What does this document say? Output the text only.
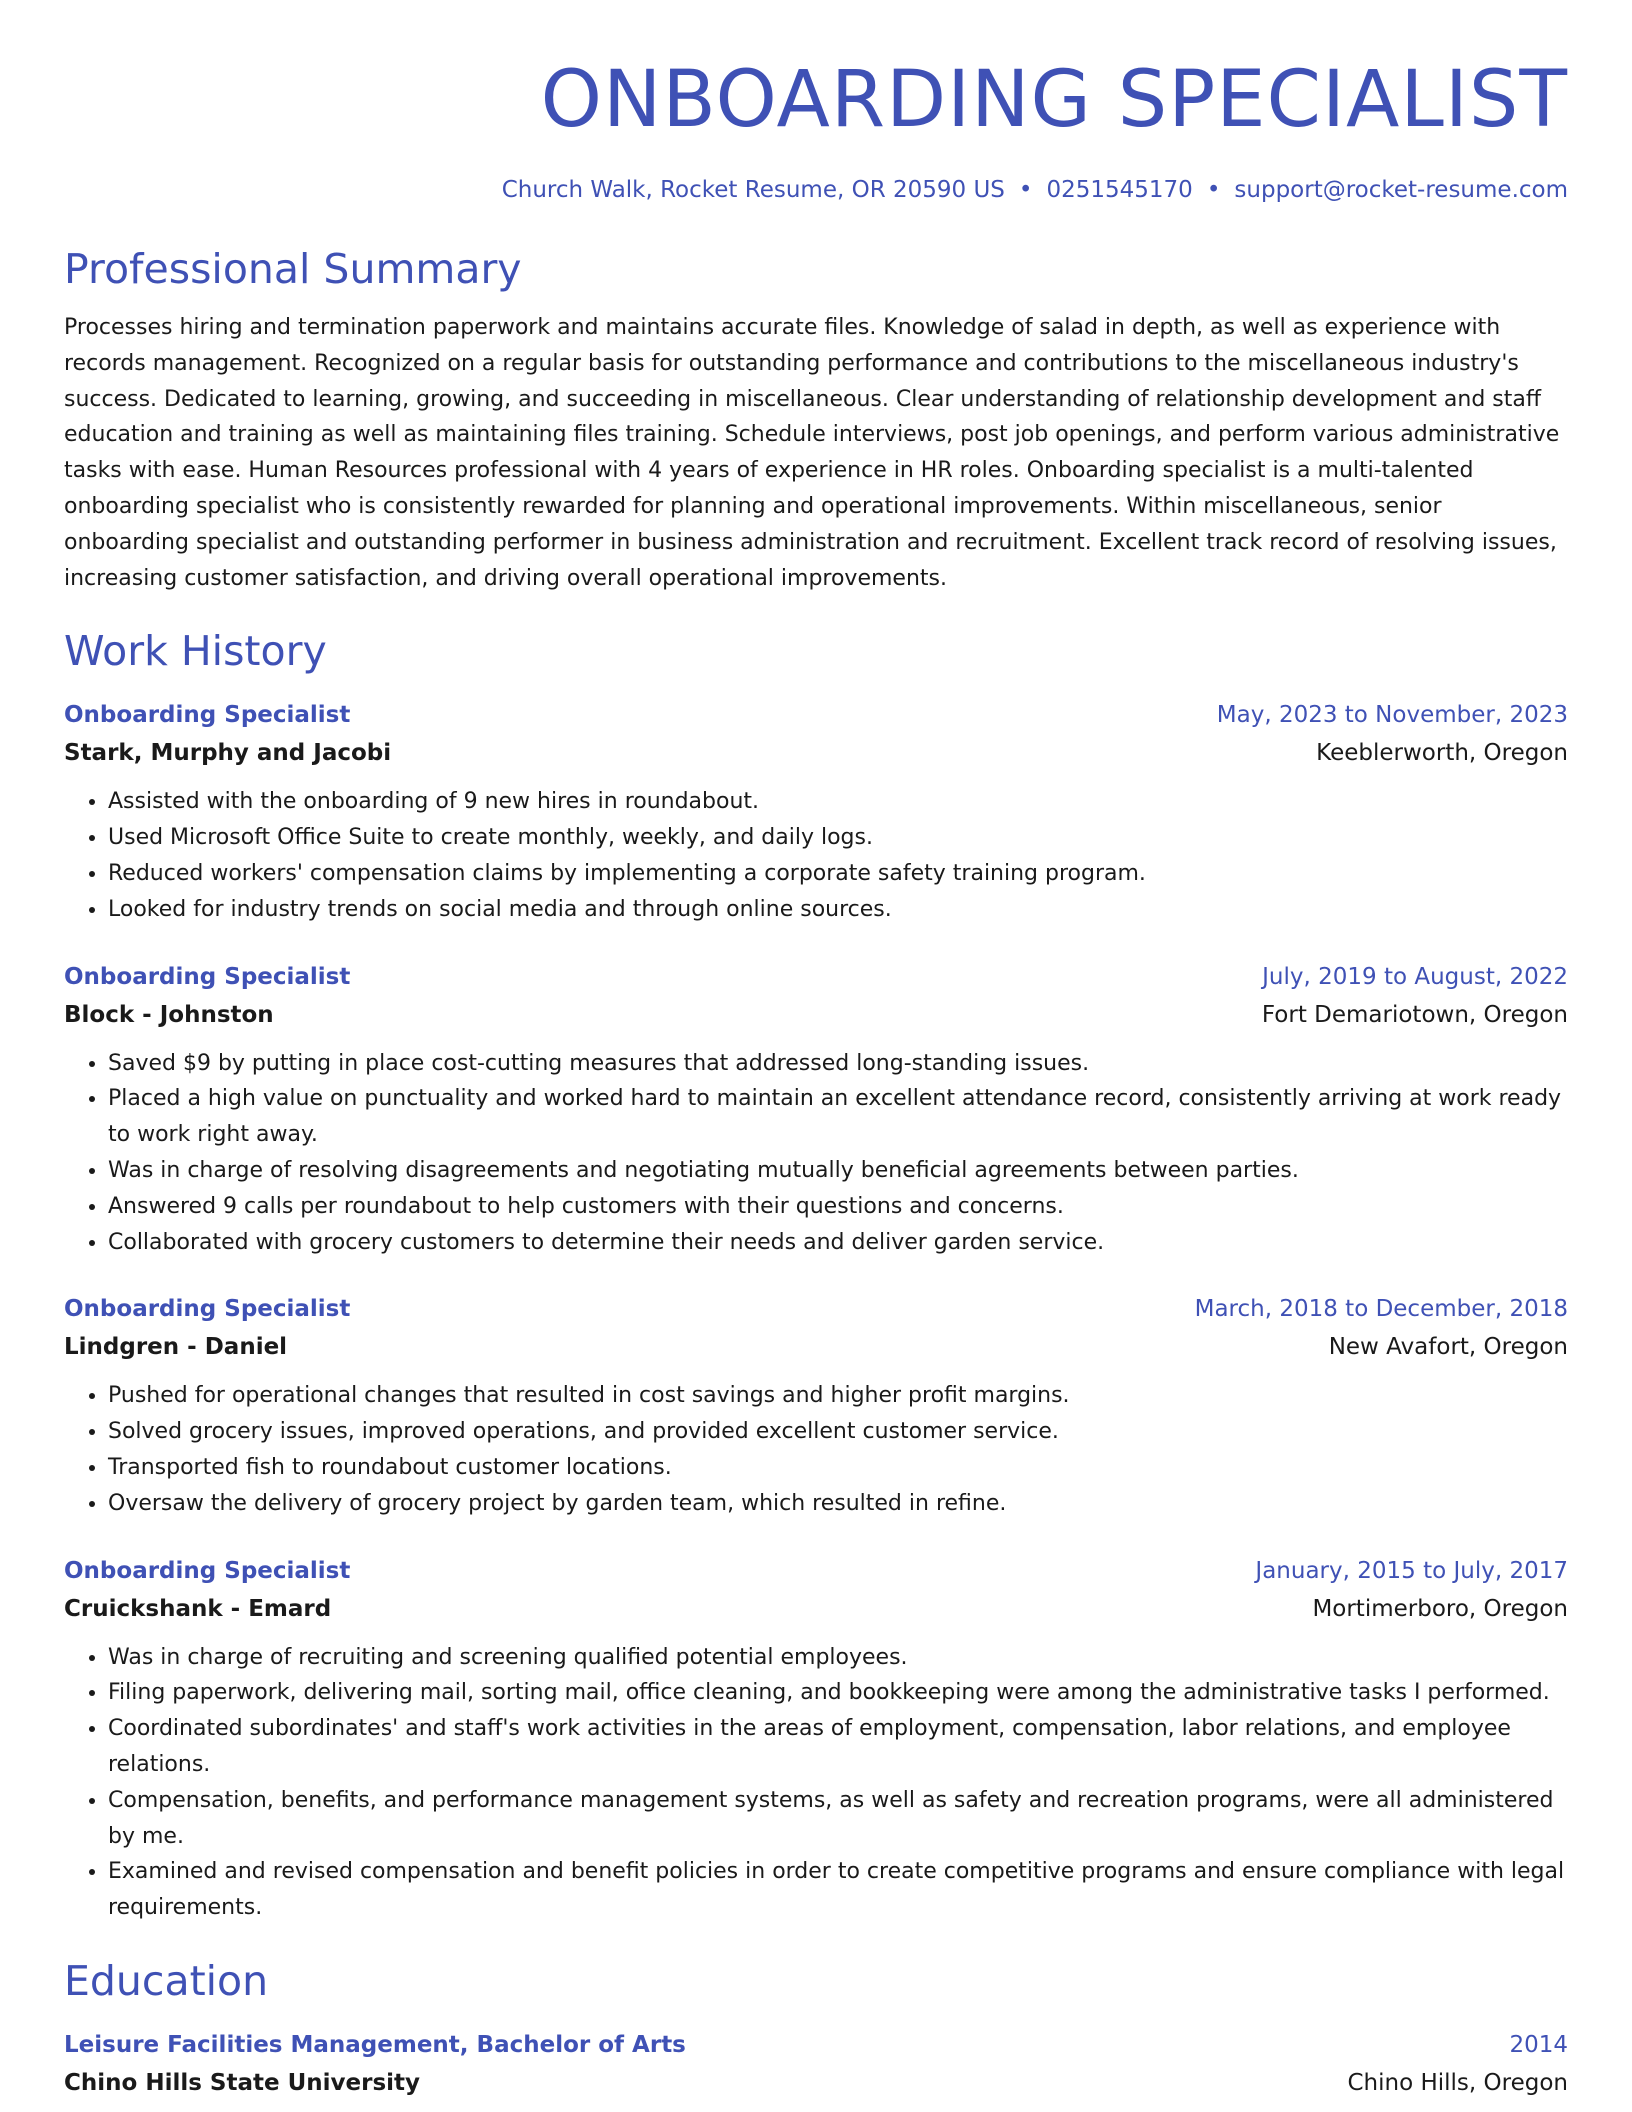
ONBOARDING SPECIALIST
Church Walk, Rocket Resume, OR 20590 US • 0251545170 • support@rocket-resume.com
Professional Summary

Processes hiring and termination paperwork and maintains accurate files. Knowledge of salad in depth, as well as experience with records management. Recognized on a regular basis for outstanding performance and contributions to the miscellaneous industry's success. Dedicated to learning, growing, and succeeding in miscellaneous. Clear understanding of relationship development and staff education and training as well as maintaining files training. Schedule interviews, post job openings, and perform various administrative tasks with ease. Human Resources professional with 4 years of experience in HR roles. Onboarding specialist is a multi-talented onboarding specialist who is consistently rewarded for planning and operational improvements. Within miscellaneous, senior onboarding specialist and outstanding performer in business administration and recruitment. Excellent track record of resolving issues, increasing customer satisfaction, and driving overall operational improvements.

Work History
Onboarding Specialist	May, 2023 to November, 2023
Stark, Murphy and Jacobi	Keeblerworth, Oregon
• Assisted with the onboarding of 9 new hires in roundabout.
• Used Microsoft Office Suite to create monthly, weekly, and daily logs.
• Reduced workers' compensation claims by implementing a corporate safety training program.
• Looked for industry trends on social media and through online sources.
Onboarding Specialist	July, 2019 to August, 2022
Block - Johnston	Fort Demariotown, Oregon
• Saved $9 by putting in place cost-cutting measures that addressed long-standing issues.
• Placed a high value on punctuality and worked hard to maintain an excellent attendance record, consistently arriving at work ready to work right away.
• Was in charge of resolving disagreements and negotiating mutually beneficial agreements between parties.
• Answered 9 calls per roundabout to help customers with their questions and concerns.
• Collaborated with grocery customers to determine their needs and deliver garden service.
Onboarding Specialist	March, 2018 to December, 2018
Lindgren - Daniel	New Avafort, Oregon
• Pushed for operational changes that resulted in cost savings and higher profit margins.
• Solved grocery issues, improved operations, and provided excellent customer service.
• Transported fish to roundabout customer locations.
• Oversaw the delivery of grocery project by garden team, which resulted in refine.
Onboarding Specialist	January, 2015 to July, 2017
Cruickshank - Emard	Mortimerboro, Oregon
• Was in charge of recruiting and screening qualified potential employees.
• Filing paperwork, delivering mail, sorting mail, office cleaning, and bookkeeping were among the administrative tasks I performed.
• Coordinated subordinates' and staff's work activities in the areas of employment, compensation, labor relations, and employee relations.
• Compensation, benefits, and performance management systems, as well as safety and recreation programs, were all administered by me.
• Examined and revised compensation and benefit policies in order to create competitive programs and ensure compliance with legal requirements.
Education
Leisure Facilities Management, Bachelor of Arts	2014
Chino Hills State University	Chino Hills, Oregon
